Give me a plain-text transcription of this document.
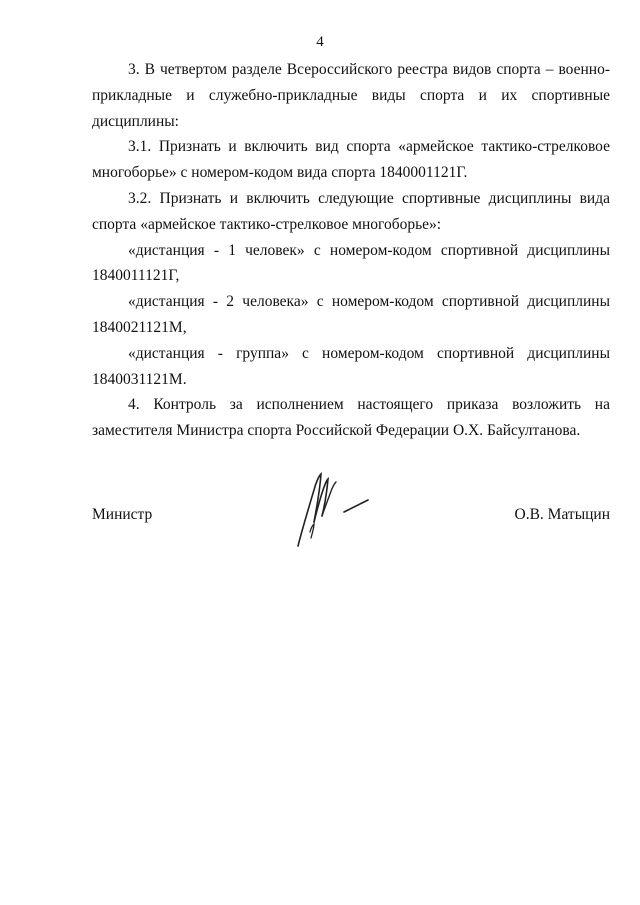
4

3. В четвертом разделе Всероссийского реестра видов спорта – военно-прикладные и служебно-прикладные виды спорта и их спортивные дисциплины:

3.1. Признать и включить вид спорта «армейское тактико-стрелковое многоборье» с номером-кодом вида спорта 1840001121Г.

3.2. Признать и включить следующие спортивные дисциплины вида спорта «армейское тактико-стрелковое многоборье»:

«дистанция - 1 человек» с номером-кодом спортивной дисциплины 1840011121Г,

«дистанция - 2 человека» с номером-кодом спортивной дисциплины 1840021121М,

«дистанция - группа» с номером-кодом спортивной дисциплины 1840031121М.

4. Контроль за исполнением настоящего приказа возложить на заместителя Министра спорта Российской Федерации О.Х. Байсултанова.

Министр	О.В. Матыцин
